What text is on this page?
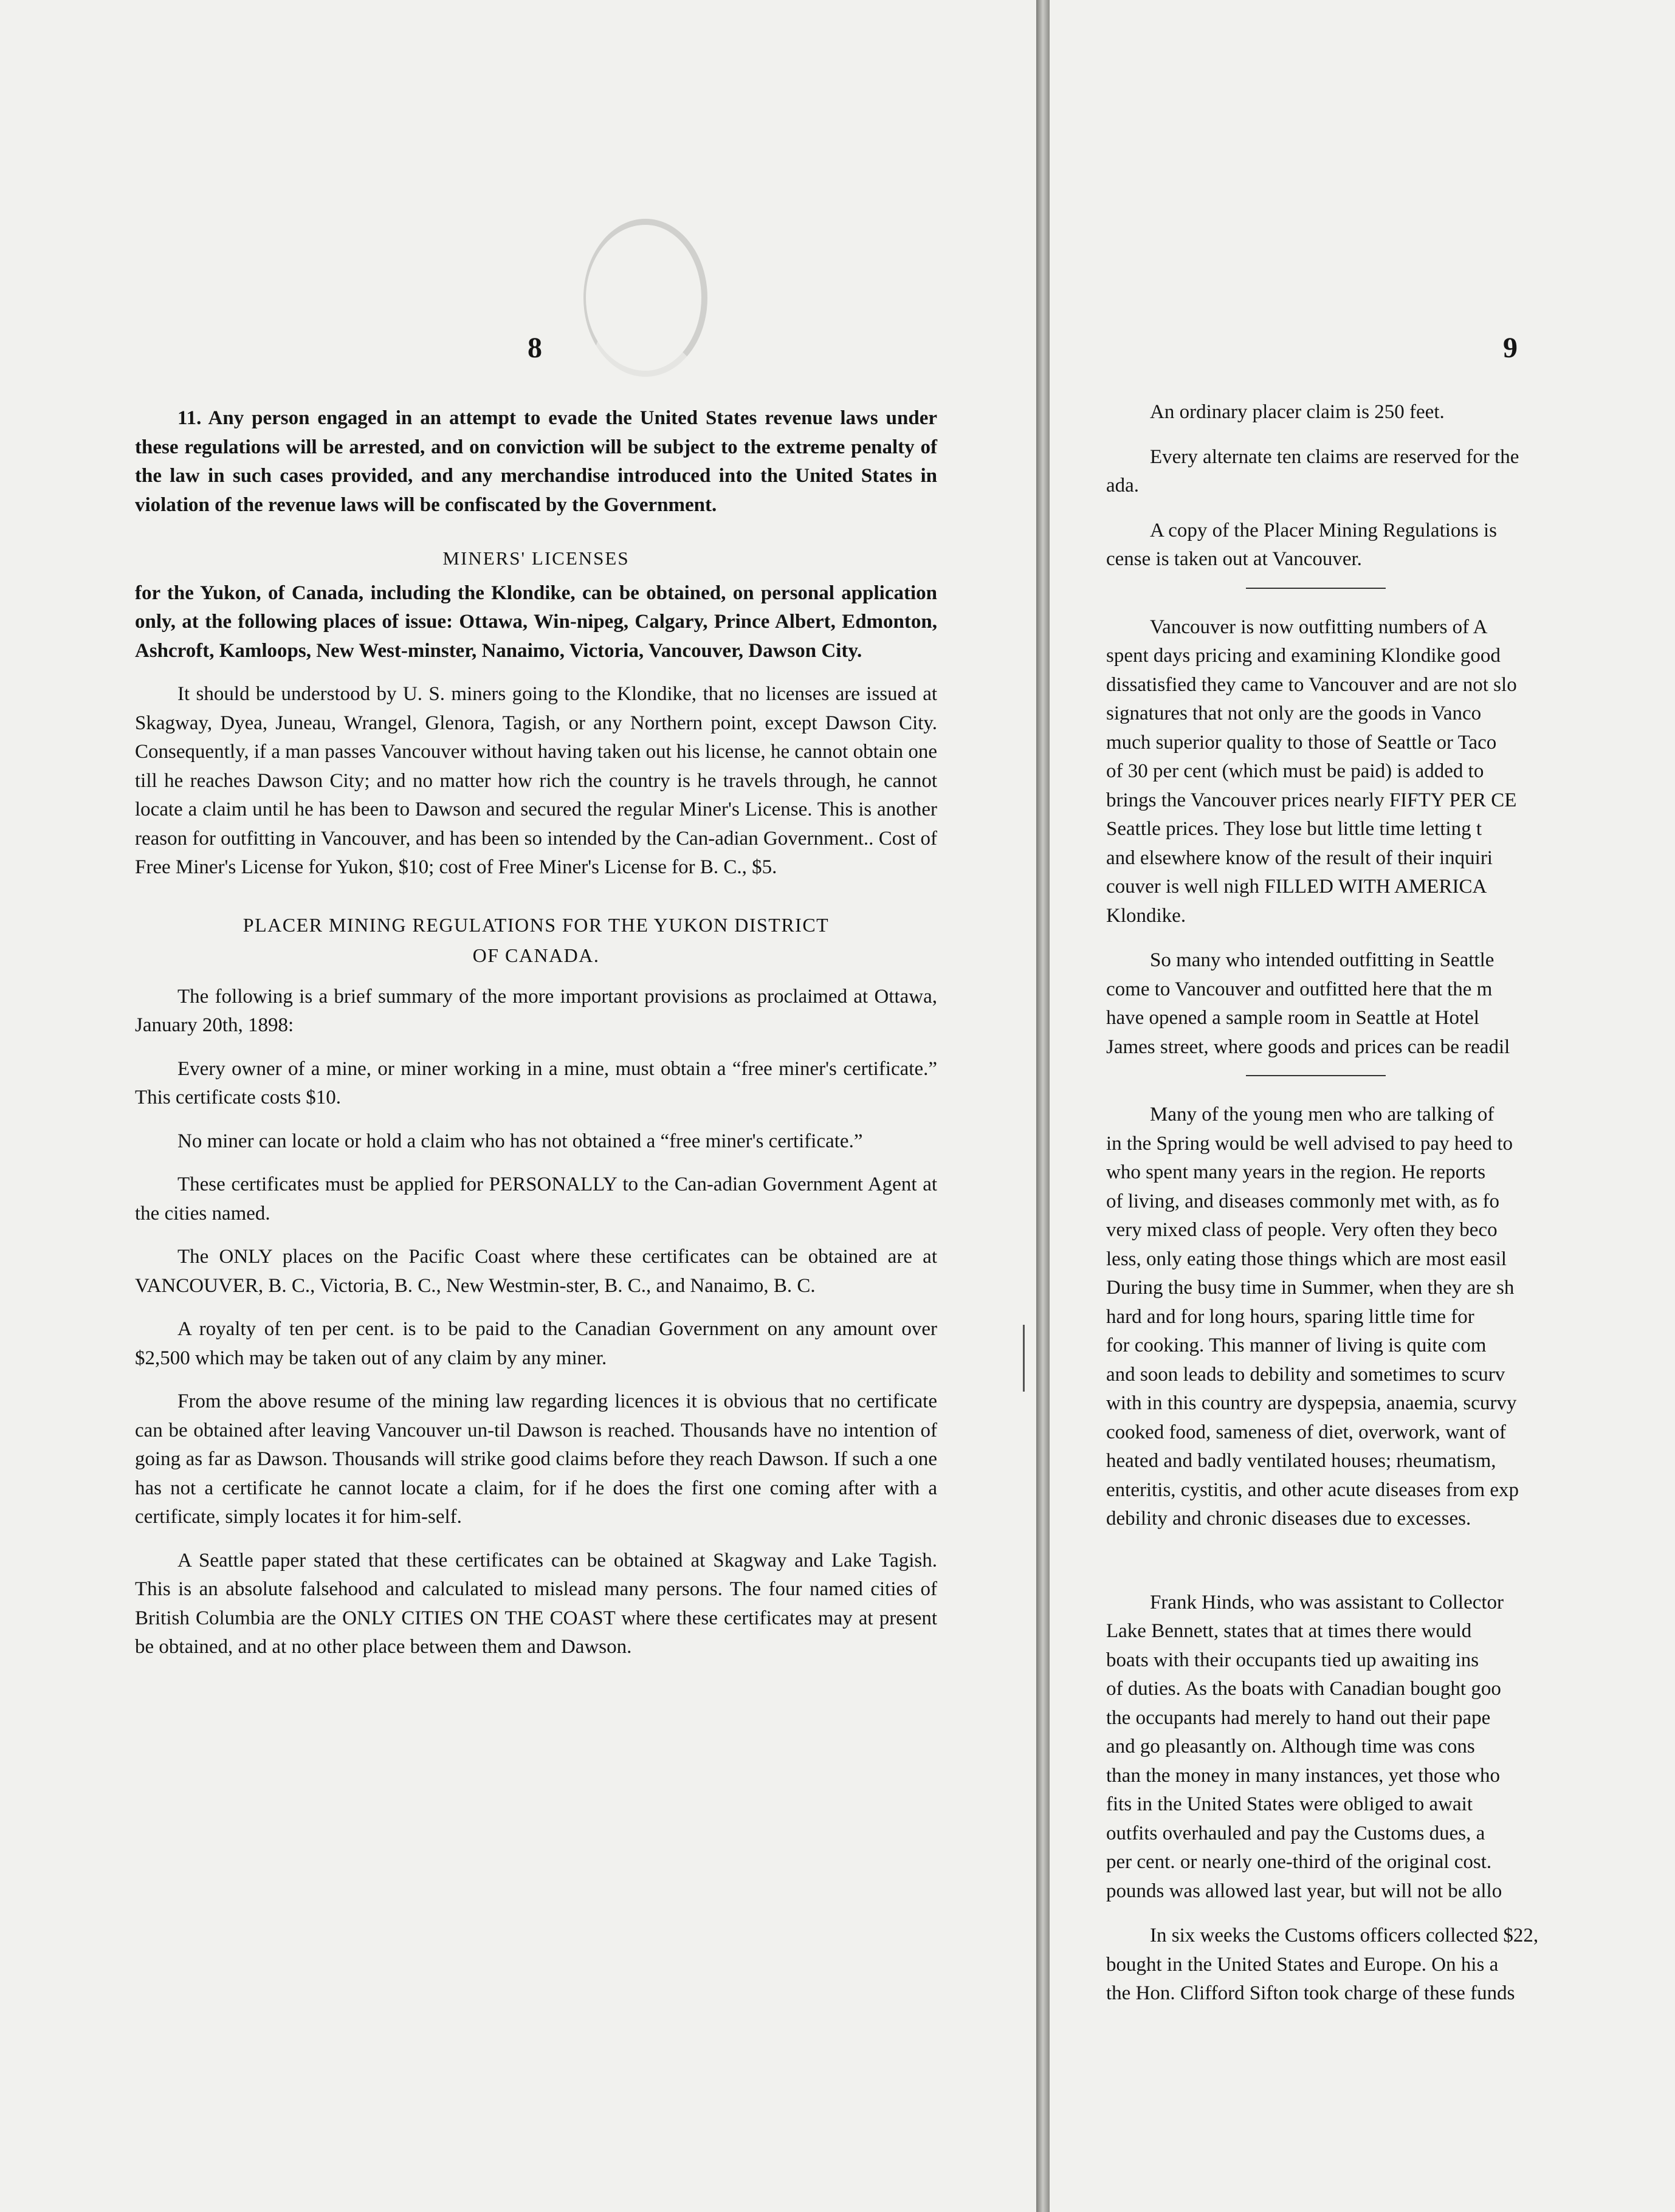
8	9

11. Any person engaged in an attempt to evade the United States revenue laws under these regulations will be arrested, and on conviction will be subject to the extreme penalty of the law in such cases provided, and any merchandise introduced into the United States in violation of the revenue laws will be confiscated by the Government.

MINERS' LICENSES

for the Yukon, of Canada, including the Klondike, can be obtained, on personal application only, at the following places of issue: Ottawa, Win-nipeg, Calgary, Prince Albert, Edmonton, Ashcroft, Kamloops, New West-minster, Nanaimo, Victoria, Vancouver, Dawson City.

It should be understood by U. S. miners going to the Klondike, that no licenses are issued at Skagway, Dyea, Juneau, Wrangel, Glenora, Tagish, or any Northern point, except Dawson City. Consequently, if a man passes Vancouver without having taken out his license, he cannot obtain one till he reaches Dawson City; and no matter how rich the country is he travels through, he cannot locate a claim until he has been to Dawson and secured the regular Miner's License. This is another reason for outfitting in Vancouver, and has been so intended by the Can-adian Government.. Cost of Free Miner's License for Yukon, $10; cost of Free Miner's License for B. C., $5.

PLACER MINING REGULATIONS FOR THE YUKON DISTRICT
OF CANADA.

The following is a brief summary of the more important provisions as proclaimed at Ottawa, January 20th, 1898:

Every owner of a mine, or miner working in a mine, must obtain a “free miner's certificate.” This certificate costs $10.

No miner can locate or hold a claim who has not obtained a “free miner's certificate.”

These certificates must be applied for PERSONALLY to the Can-adian Government Agent at the cities named.

The ONLY places on the Pacific Coast where these certificates can be obtained are at VANCOUVER, B. C., Victoria, B. C., New Westmin-ster, B. C., and Nanaimo, B. C.

A royalty of ten per cent. is to be paid to the Canadian Government on any amount over $2,500 which may be taken out of any claim by any miner.

From the above resume of the mining law regarding licences it is obvious that no certificate can be obtained after leaving Vancouver un-til Dawson is reached. Thousands have no intention of going as far as Dawson. Thousands will strike good claims before they reach Dawson. If such a one has not a certificate he cannot locate a claim, for if he does the first one coming after with a certificate, simply locates it for him-self.

A Seattle paper stated that these certificates can be obtained at Skagway and Lake Tagish. This is an absolute falsehood and calculated to mislead many persons. The four named cities of British Columbia are the ONLY CITIES ON THE COAST where these certificates may at present be obtained, and at no other place between them and Dawson.

An ordinary placer claim is 250 feet.
Every alternate ten claims are reserved for the
ada.
A copy of the Placer Mining Regulations is
cense is taken out at Vancouver.
Vancouver is now outfitting numbers of A
spent days pricing and examining Klondike good
dissatisfied they came to Vancouver and are not slo
signatures that not only are the goods in Vanco
much superior quality to those of Seattle or Taco
of 30 per cent (which must be paid) is added to
brings the Vancouver prices nearly FIFTY PER CE
Seattle prices. They lose but little time letting t
and elsewhere know of the result of their inquiri
couver is well nigh FILLED WITH AMERICA
Klondike.
So many who intended outfitting in Seattle
come to Vancouver and outfitted here that the m
have opened a sample room in Seattle at Hotel
James street, where goods and prices can be readil
Many of the young men who are talking of
in the Spring would be well advised to pay heed to
who spent many years in the region. He reports
of living, and diseases commonly met with, as fo
very mixed class of people. Very often they beco
less, only eating those things which are most easil
During the busy time in Summer, when they are sh
hard and for long hours, sparing little time for
for cooking. This manner of living is quite com
and soon leads to debility and sometimes to scurv
with in this country are dyspepsia, anaemia, scurvy
cooked food, sameness of diet, overwork, want of
heated and badly ventilated houses; rheumatism,
enteritis, cystitis, and other acute diseases from exp
debility and chronic diseases due to excesses.
Frank Hinds, who was assistant to Collector
Lake Bennett, states that at times there would
boats with their occupants tied up awaiting ins
of duties. As the boats with Canadian bought goo
the occupants had merely to hand out their pape
and go pleasantly on. Although time was cons
than the money in many instances, yet those who
fits in the United States were obliged to await
outfits overhauled and pay the Customs dues, a
per cent. or nearly one-third of the original cost.
pounds was allowed last year, but will not be allo
In six weeks the Customs officers collected $22,
bought in the United States and Europe. On his a
the Hon. Clifford Sifton took charge of these funds
